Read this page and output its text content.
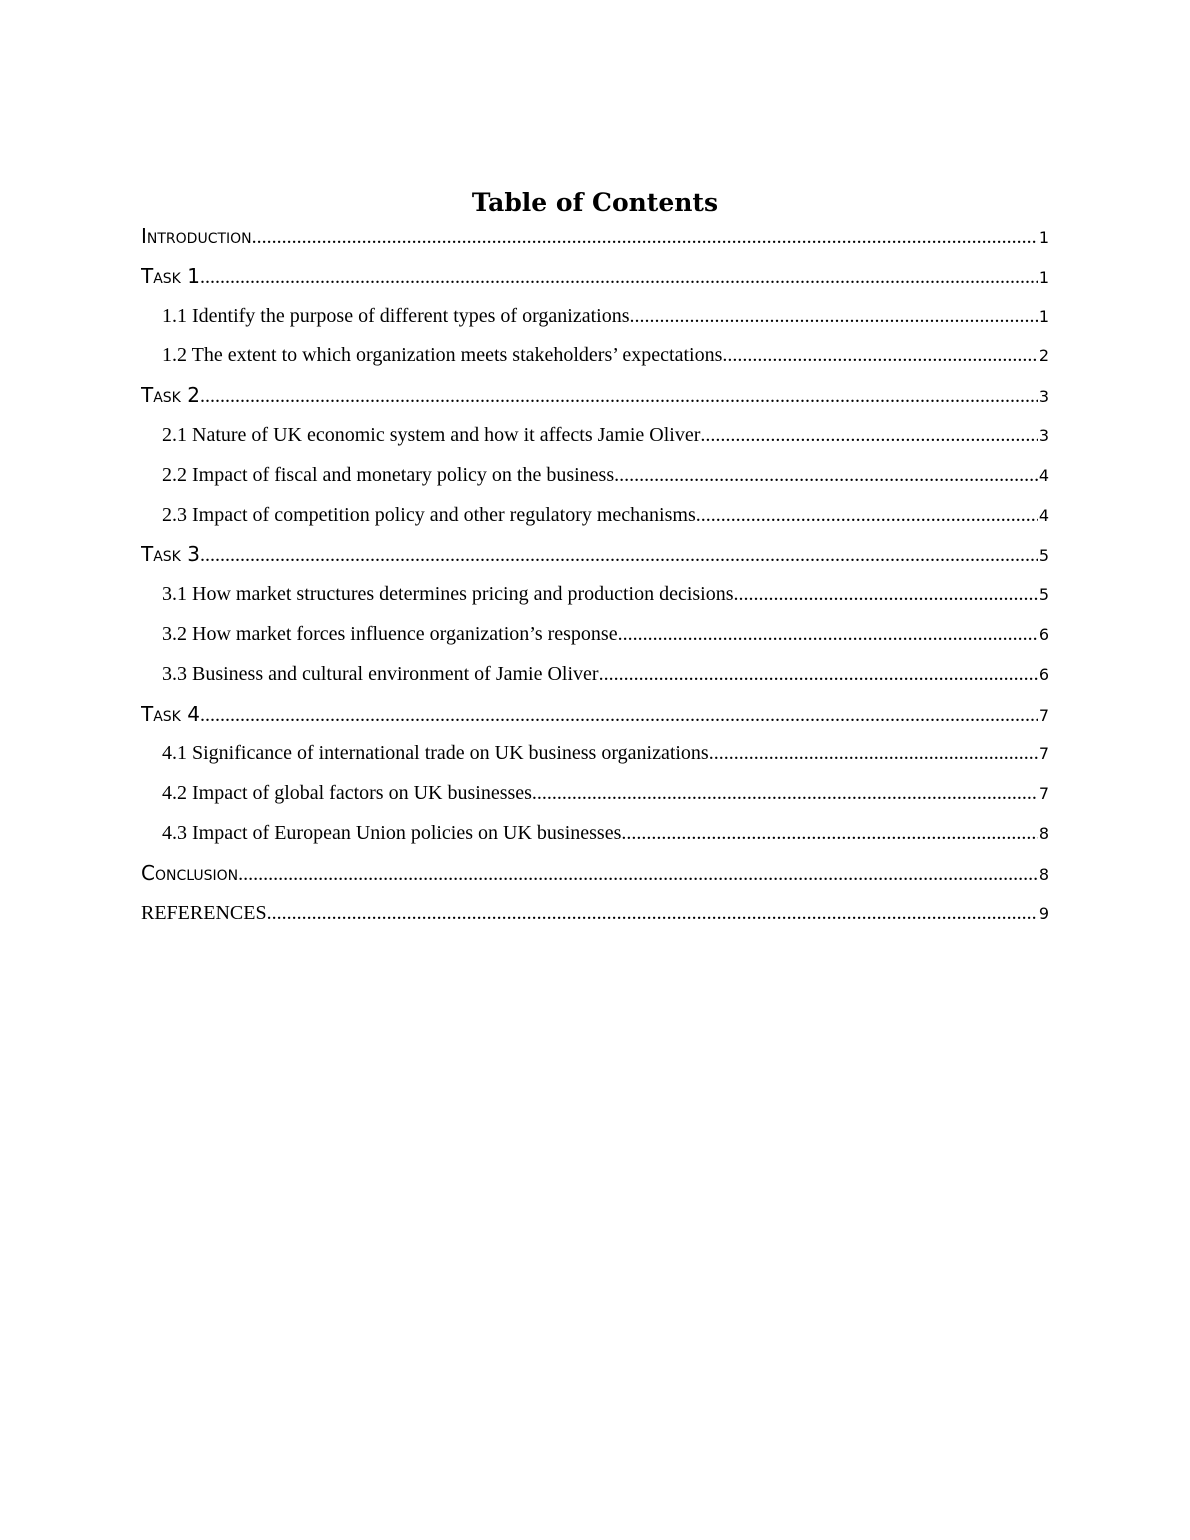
Table of Contents
Introduction .....	1
Task 1 .....	1
1.1 Identify the purpose of different types of organizations .....	1
1.2 The extent to which organization meets stakeholders’ expectations .....	2
Task 2 .....	3
2.1 Nature of UK economic system and how it affects Jamie Oliver .....	3
2.2 Impact of fiscal and monetary policy on the business .....	4
2.3 Impact of competition policy and other regulatory mechanisms .....	4
Task 3 .....	5
3.1 How market structures determines pricing and production decisions .....	5
3.2 How market forces influence organization’s response .....	6
3.3 Business and cultural environment of Jamie Oliver .....	6
Task 4 .....	7
4.1 Significance of international trade on UK business organizations .....	7
4.2 Impact of global factors on UK businesses .....	7
4.3 Impact of European Union policies on UK businesses .....	8
Conclusion .....	8
REFERENCES .....	9
